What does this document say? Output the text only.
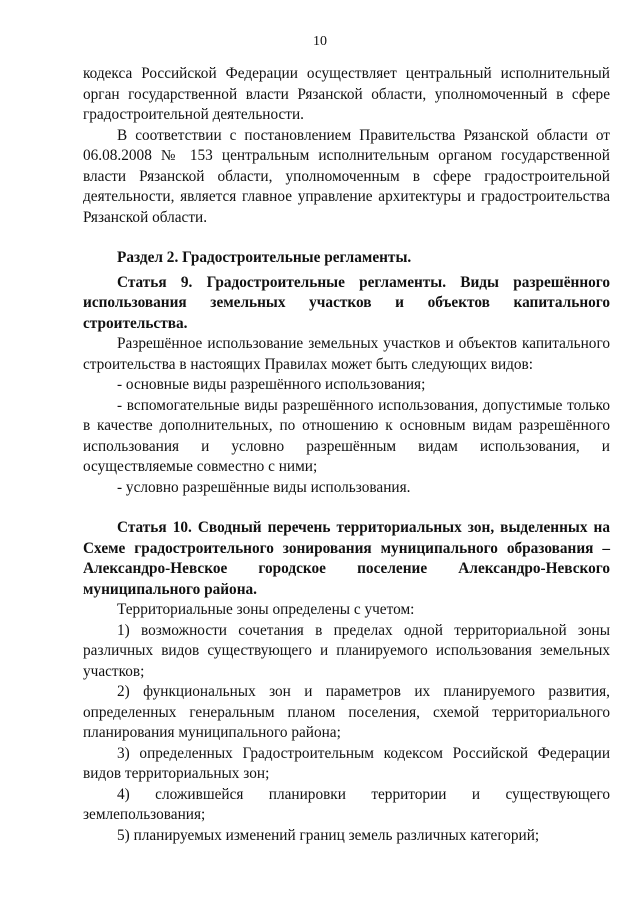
10

кодекса Российской Федерации осуществляет центральный исполнительный орган государственной власти Рязанской области, уполномоченный в сфере градостроительной деятельности.

В соответствии с постановлением Правительства Рязанской области от 06.08.2008 № 153 центральным исполнительным органом государственной власти Рязанской области, уполномоченным в сфере градостроительной деятельности, является главное управление архитектуры и градостроительства Рязанской области.

Раздел 2. Градостроительные регламенты.

Статья 9. Градостроительные регламенты. Виды разрешённого использования земельных участков и объектов капитального строительства.

Разрешённое использование земельных участков и объектов капитального строительства в настоящих Правилах может быть следующих видов:

- основные виды разрешённого использования;

- вспомогательные виды разрешённого использования, допустимые только в качестве дополнительных, по отношению к основным видам разрешённого использования и условно разрешённым видам использования, и осуществляемые совместно с ними;

- условно разрешённые виды использования.

Статья 10. Сводный перечень территориальных зон, выделенных на Схеме градостроительного зонирования муниципального образования – Александро-Невское городское поселение Александро-Невского муниципального района.

Территориальные зоны определены с учетом:

1) возможности сочетания в пределах одной территориальной зоны различных видов существующего и планируемого использования земельных участков;

2) функциональных зон и параметров их планируемого развития, определенных генеральным планом поселения, схемой территориального планирования муниципального района;

3) определенных Градостроительным кодексом Российской Федерации видов территориальных зон;

4) сложившейся планировки территории и существующего землепользования;

5) планируемых изменений границ земель различных категорий;
